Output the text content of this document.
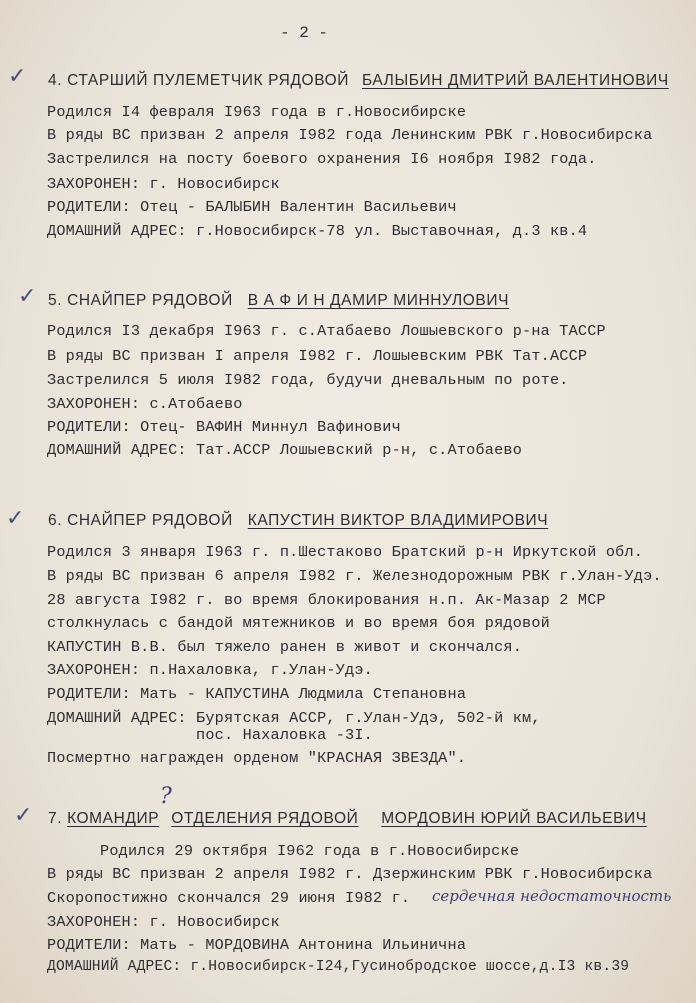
- 2 -
✓ 4. СТАРШИЙ ПУЛЕМЕТЧИК РЯДОВОЙ БАЛЫБИН ДМИТРИЙ ВАЛЕНТИНОВИЧ
Родился I4 февраля I963 года в г.Новосибирске
В ряды ВС призван 2 апреля I982 года Ленинским РВК г.Новосибирска
Застрелился на посту боевого охранения I6 ноября I982 года.
ЗАХОРОНЕН: г. Новосибирск
РОДИТЕЛИ: Отец - БАЛЫБИН Валентин Васильевич
ДОМАШНИЙ АДРЕС: г.Новосибирск-78 ул. Выставочная, д.3 кв.4
✓ 5. СНАЙПЕР РЯДОВОЙ В А Ф И Н ДАМИР МИННУЛОВИЧ
Родился I3 декабря I963 г. с.Атабаево Лошыевского р-на ТАССР
В ряды ВС призван I апреля I982 г. Лошыевским РВК Тат.АССР
Застрелился 5 июля I982 года, будучи дневальным по роте.
ЗАХОРОНЕН: с.Атобаево
РОДИТЕЛИ: Отец- ВАФИН Миннул Вафинович
ДОМАШНИЙ АДРЕС: Тат.АССР Лошыевский р-н, с.Атобаево
✓ 6. СНАЙПЕР РЯДОВОЙ КАПУСТИН ВИКТОР ВЛАДИМИРОВИЧ
Родился 3 января I963 г. п.Шестаково Братский р-н Иркутской обл.
В ряды ВС призван 6 апреля I982 г. Железнодорожным РВК г.Улан-Удэ.
28 августа I982 г. во время блокирования н.п. Ак-Мазар 2 МСР
столкнулась с бандой мятежников и во время боя рядовой
КАПУСТИН В.В. был тяжело ранен в живот и скончался.
ЗАХОРОНЕН: п.Нахаловка, г.Улан-Удэ.
РОДИТЕЛИ: Мать - КАПУСТИНА Людмила Степановна
ДОМАШНИЙ АДРЕС: Бурятская АССР, г.Улан-Удэ, 502-й км,
пос. Нахаловка -3I.
Посмертно награжден орденом "КРАСНАЯ ЗВЕЗДА".
✓
?
7. КОМАНДИР ОТДЕЛЕНИЯ РЯДОВОЙ МОРДОВИН ЮРИЙ ВАСИЛЬЕВИЧ
Родился 29 октября I962 года в г.Новосибирске
В ряды ВС призван 2 апреля I982 г. Дзержинским РВК г.Новосибирска
Скоропостижно скончался 29 июня I982 г. сердечная недостаточность
ЗАХОРОНЕН: г. Новосибирск
РОДИТЕЛИ: Мать - МОРДОВИНА Антонина Ильинична
ДОМАШНИЙ АДРЕС: г.Новосибирск-I24,Гусинобродское шоссе,д.I3 кв.39
